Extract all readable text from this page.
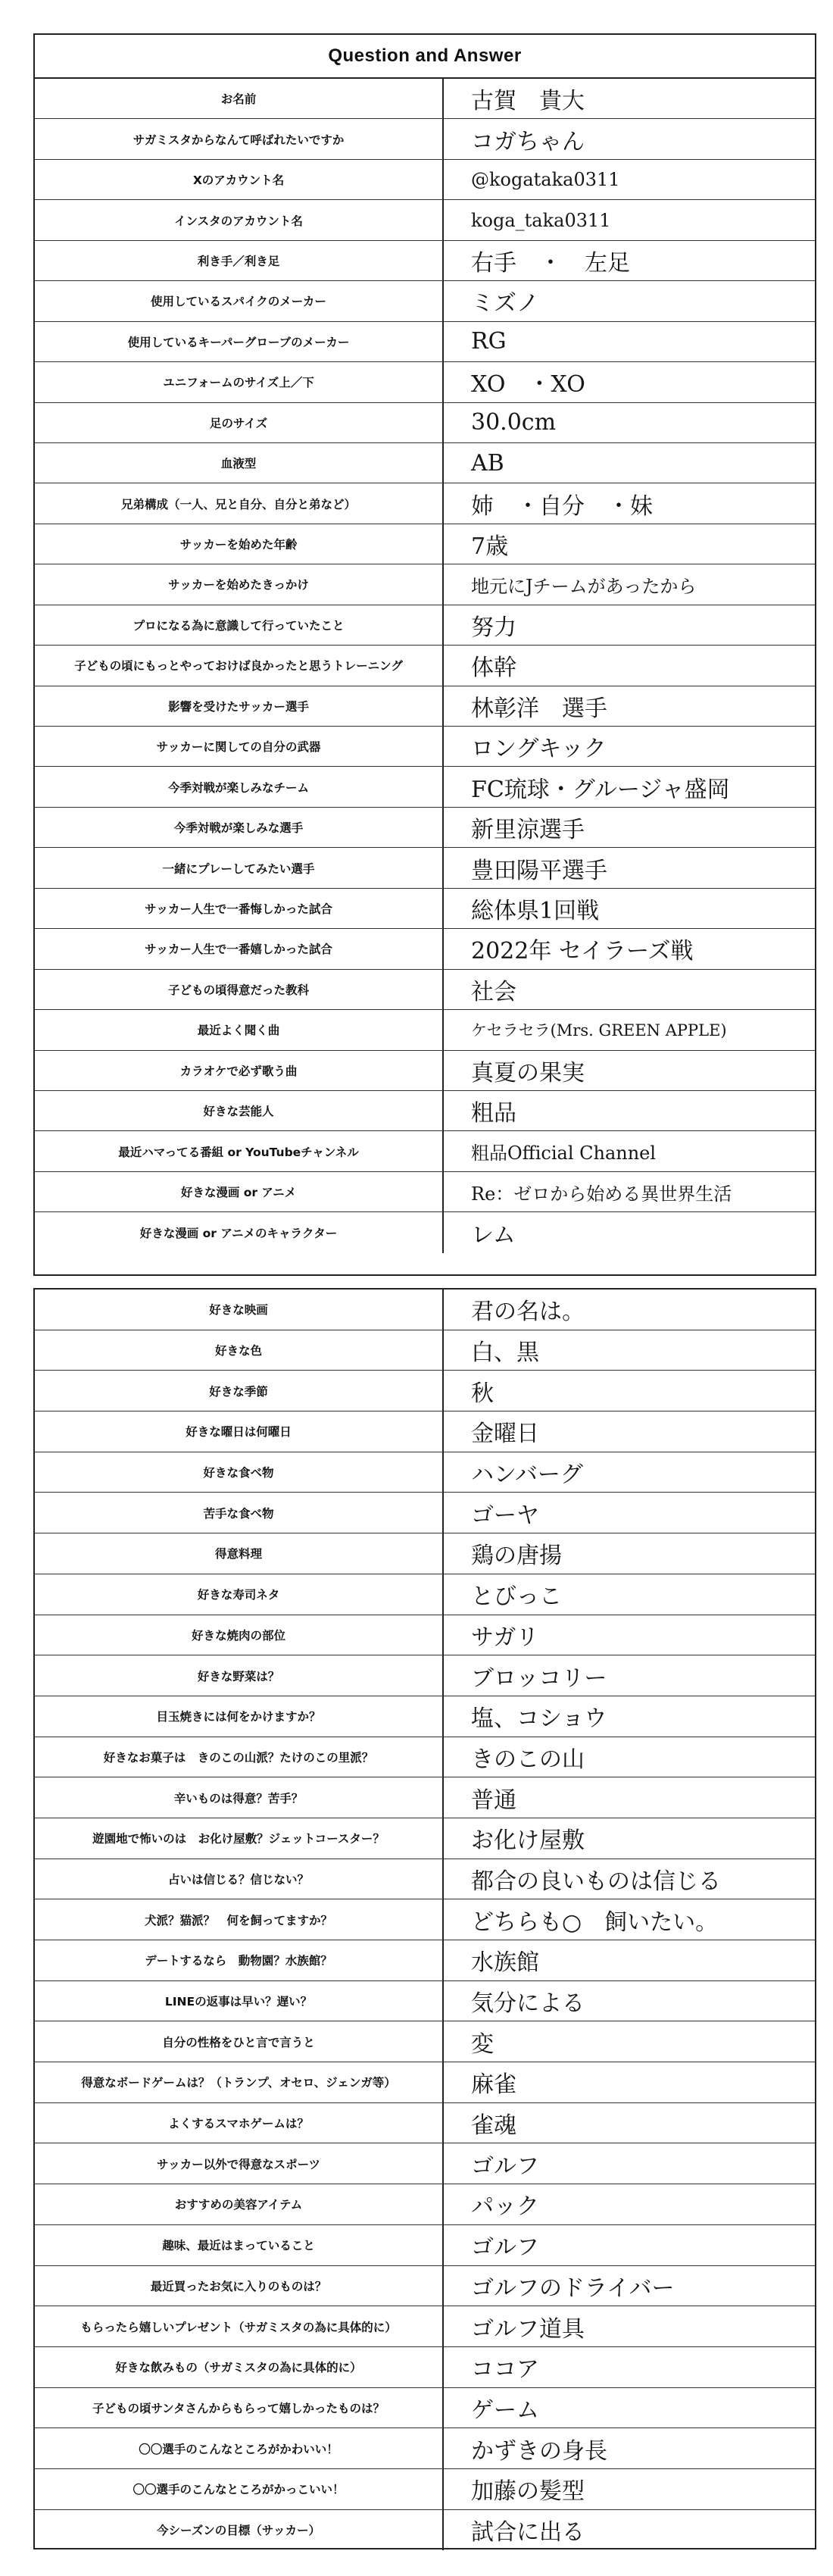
Question and Answer
お名前	古賀　貴大
サガミスタからなんて呼ばれたいですか	コガちゃん
Xのアカウント名	@kogataka0311
インスタのアカウント名	koga_taka0311
利き手／利き足	右手　・　左足
使用しているスパイクのメーカー	ミズノ
使用しているキーパーグローブのメーカー	RG
ユニフォームのサイズ上／下	XO　・XO
足のサイズ	30.0cm
血液型	AB
兄弟構成（一人、兄と自分、自分と弟など）	姉　・自分　・妹
サッカーを始めた年齢	7歳
サッカーを始めたきっかけ	地元にJチームがあったから
プロになる為に意識して行っていたこと	努力
子どもの頃にもっとやっておけば良かったと思うトレーニング	体幹
影響を受けたサッカー選手	林彰洋　選手
サッカーに関しての自分の武器	ロングキック
今季対戦が楽しみなチーム	FC琉球・グルージャ盛岡
今季対戦が楽しみな選手	新里涼選手
一緒にプレーしてみたい選手	豊田陽平選手
サッカー人生で一番悔しかった試合	総体県1回戦
サッカー人生で一番嬉しかった試合	2022年 セイラーズ戦
子どもの頃得意だった教科	社会
最近よく聞く曲	ケセラセラ(Mrs. GREEN APPLE)
カラオケで必ず歌う曲	真夏の果実
好きな芸能人	粗品
最近ハマってる番組 or YouTubeチャンネル	粗品Official Channel
好きな漫画 or アニメ	Re：ゼロから始める異世界生活
好きな漫画 or アニメのキャラクター	レム
好きな映画	君の名は。
好きな色	白、黒
好きな季節	秋
好きな曜日は何曜日	金曜日
好きな食べ物	ハンバーグ
苦手な食べ物	ゴーヤ
得意料理	鶏の唐揚
好きな寿司ネタ	とびっこ
好きな焼肉の部位	サガリ
好きな野菜は？	ブロッコリー
目玉焼きには何をかけますか？	塩、コショウ
好きなお菓子は　きのこの山派？たけのこの里派？	きのこの山
辛いものは得意？苦手？	普通
遊園地で怖いのは　お化け屋敷？ジェットコースター？	お化け屋敷
占いは信じる？信じない？	都合の良いものは信じる
犬派？猫派？　何を飼ってますか？	どちらも○　飼いたい。
デートするなら　動物園？水族館？	水族館
LINEの返事は早い？遅い？	気分による
自分の性格をひと言で言うと	変
得意なボードゲームは？（トランプ、オセロ、ジェンガ等）	麻雀
よくするスマホゲームは？	雀魂
サッカー以外で得意なスポーツ	ゴルフ
おすすめの美容アイテム	パック
趣味、最近はまっていること	ゴルフ
最近買ったお気に入りのものは？	ゴルフのドライバー
もらったら嬉しいプレゼント（サガミスタの為に具体的に）	ゴルフ道具
好きな飲みもの（サガミスタの為に具体的に）	ココア
子どもの頃サンタさんからもらって嬉しかったものは？	ゲーム
〇〇選手のこんなところがかわいい！	かずきの身長
〇〇選手のこんなところがかっこいい！	加藤の髪型
今シーズンの目標（サッカー）	試合に出る
